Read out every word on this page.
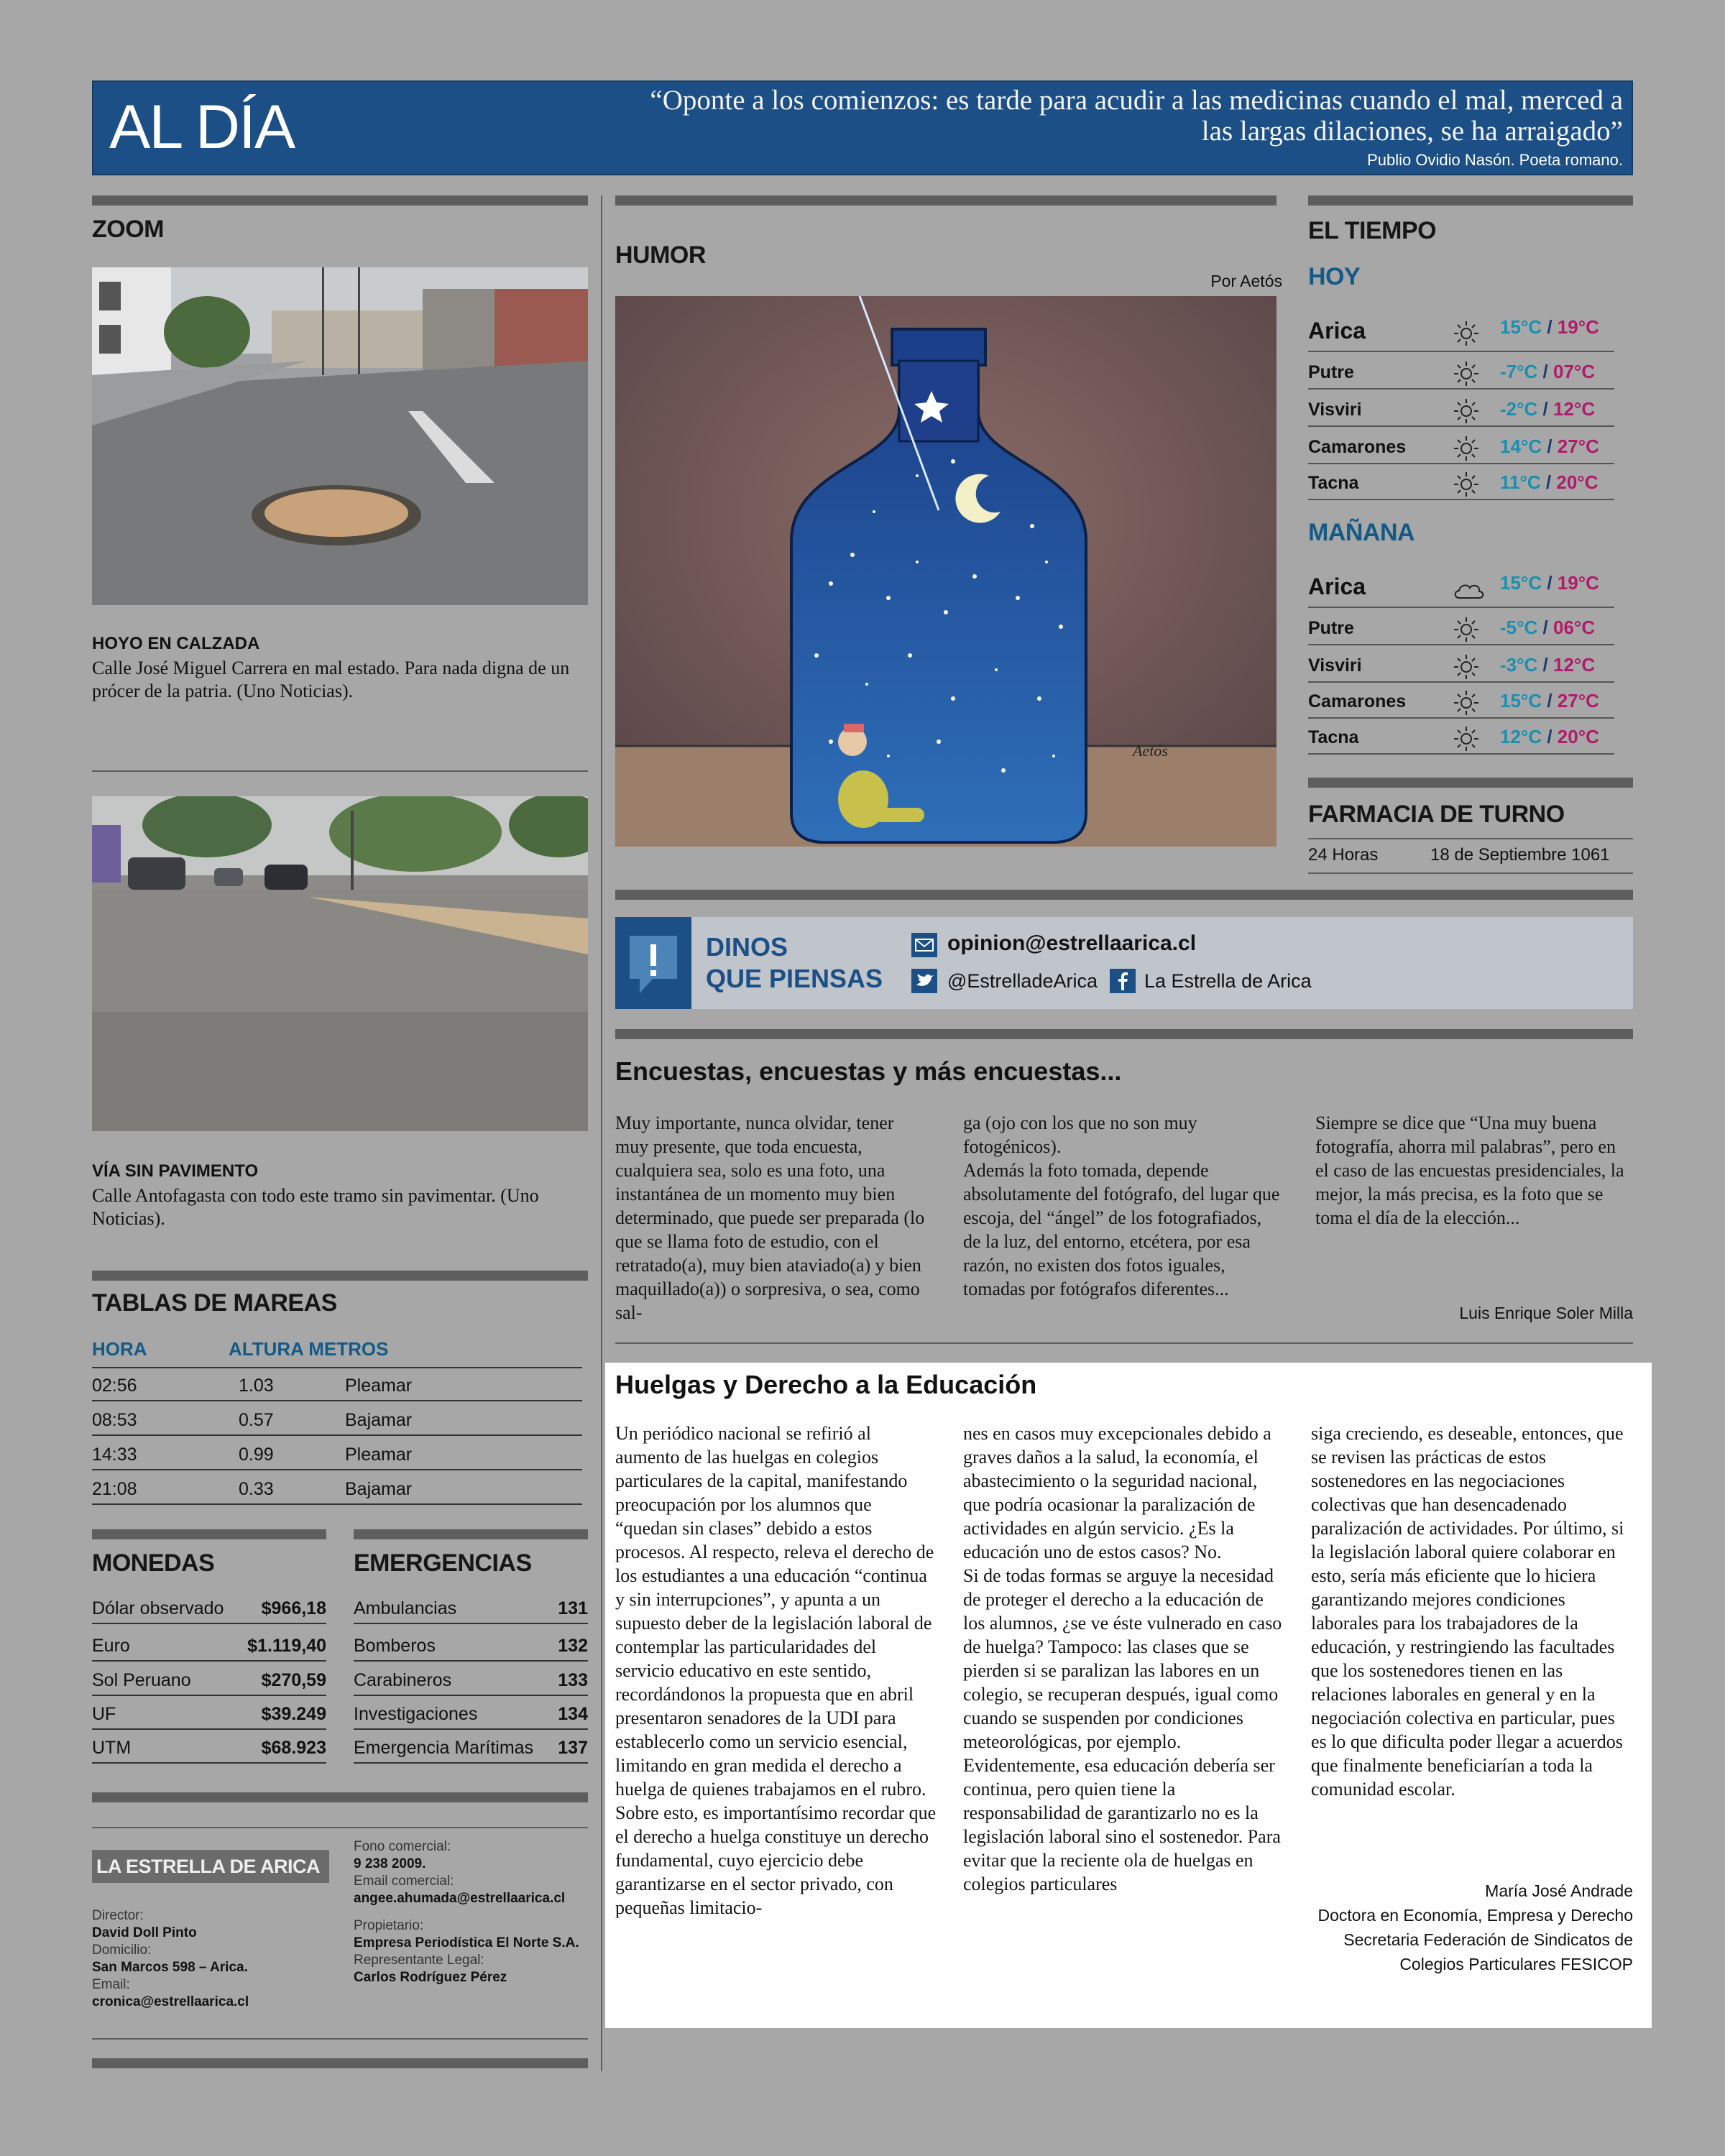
AL DÍA	“Oponte a los comienzos: es tarde para acudir a las medicinas cuando el mal, merced a las largas dilaciones, se ha arraigado”
Publio Ovidio Nasón. Poeta romano.
ZOOM
HOYO EN CALZADA
Calle José Miguel Carrera en mal estado. Para nada digna de un prócer de la patria. (Uno Noticias).
VÍA SIN PAVIMENTO
Calle Antofagasta con todo este tramo sin pavimentar. (Uno Noticias).
TABLAS DE MAREAS
HORA	ALTURA METROS
02:56	1.03	Pleamar
08:53	0.57	Bajamar
14:33	0.99	Pleamar
21:08	0.33	Bajamar
MONEDAS
Dólar observado $966,18
Euro	$1.119,40
Sol Peruano	$270,59
UF	$39.249
UTM	$68.923
EMERGENCIAS
Ambulancias	131
Bomberos	132
Carabineros	133
Investigaciones	134
Emergencia Marítimas 137
LA ESTRELLA DE ARICA
Director:
David Doll Pinto
Domicilio:
San Marcos 598 – Arica.
Email:
cronica@estrellaarica.cl
Fono comercial:
9 238 2009.
Email comercial:
angee.ahumada@estrellaarica.cl
Propietario:
Empresa Periodística El Norte S.A.
Representante Legal:
Carlos Rodríguez Pérez
HUMOR
Por Aetós
Aetós
EL TIEMPO
HOY
Arica	15°C / 19°C
Putre	-7°C / 07°C
Visviri	-2°C / 12°C
Camarones	14°C / 27°C
Tacna	11°C / 20°C
MAÑANA
Arica	15°C / 19°C
Putre	-5°C / 06°C
Visviri	-3°C / 12°C
Camarones	15°C / 27°C
Tacna	12°C / 20°C
FARMACIA DE TURNO
24 Horas	18 de Septiembre 1061
DINOS
QUE PIENSAS
opinion@estrellaarica.cl
@EstrelladeArica La Estrella de Arica
Encuestas, encuestas y más encuestas...
Muy importante, nunca olvidar, tener muy presente, que toda encuesta, cualquiera sea, solo es una foto, una instantánea de un momento muy bien determinado, que puede ser preparada (lo que se llama foto de estudio, con el retratado(a), muy bien ataviado(a) y bien maquillado(a)) o sorpresiva, o sea, como sal-
ga (ojo con los que no son muy fotogénicos).
Además la foto tomada, depende absolutamente del fotógrafo, del lugar que escoja, del “ángel” de los fotografiados, de la luz, del entorno, etcétera, por esa razón, no existen dos fotos iguales, tomadas por fotógrafos diferentes...
Siempre se dice que “Una muy buena fotografía, ahorra mil palabras”, pero en el caso de las encuestas presidenciales, la mejor, la más precisa, es la foto que se toma el día de la elección...
Luis Enrique Soler Milla
Huelgas y Derecho a la Educación
Un periódico nacional se refirió al aumento de las huelgas en colegios particulares de la capital, manifestando preocupación por los alumnos que “quedan sin clases” debido a estos procesos. Al respecto, releva el derecho de los estudiantes a una educación “continua y sin interrupciones”, y apunta a un supuesto deber de la legislación laboral de contemplar las particularidades del servicio educativo en este sentido, recordándonos la propuesta que en abril presentaron senadores de la UDI para establecerlo como un servicio esencial, limitando en gran medida el derecho a huelga de quienes trabajamos en el rubro.
Sobre esto, es importantísimo recordar que el derecho a huelga constituye un derecho fundamental, cuyo ejercicio debe garantizarse en el sector privado, con pequeñas limitacio-
nes en casos muy excepcionales debido a graves daños a la salud, la economía, el abastecimiento o la seguridad nacional, que podría ocasionar la paralización de actividades en algún servicio. ¿Es la educación uno de estos casos? No.
Si de todas formas se arguye la necesidad de proteger el derecho a la educación de los alumnos, ¿se ve éste vulnerado en caso de huelga? Tampoco: las clases que se pierden si se paralizan las labores en un colegio, se recuperan después, igual como cuando se suspenden por condiciones meteorológicas, por ejemplo.
Evidentemente, esa educación debería ser continua, pero quien tiene la responsabilidad de garantizarlo no es la legislación laboral sino el sostenedor. Para evitar que la reciente ola de huelgas en colegios particulares
siga creciendo, es deseable, entonces, que se revisen las prácticas de estos sostenedores en las negociaciones colectivas que han desencadenado paralización de actividades. Por último, si la legislación laboral quiere colaborar en esto, sería más eficiente que lo hiciera garantizando mejores condiciones laborales para los trabajadores de la educación, y restringiendo las facultades que los sostenedores tienen en las relaciones laborales en general y en la negociación colectiva en particular, pues es lo que dificulta poder llegar a acuerdos que finalmente beneficiarían a toda la comunidad escolar.
María José Andrade
Doctora en Economía, Empresa y Derecho
Secretaria Federación de Sindicatos de
Colegios Particulares FESICOP
